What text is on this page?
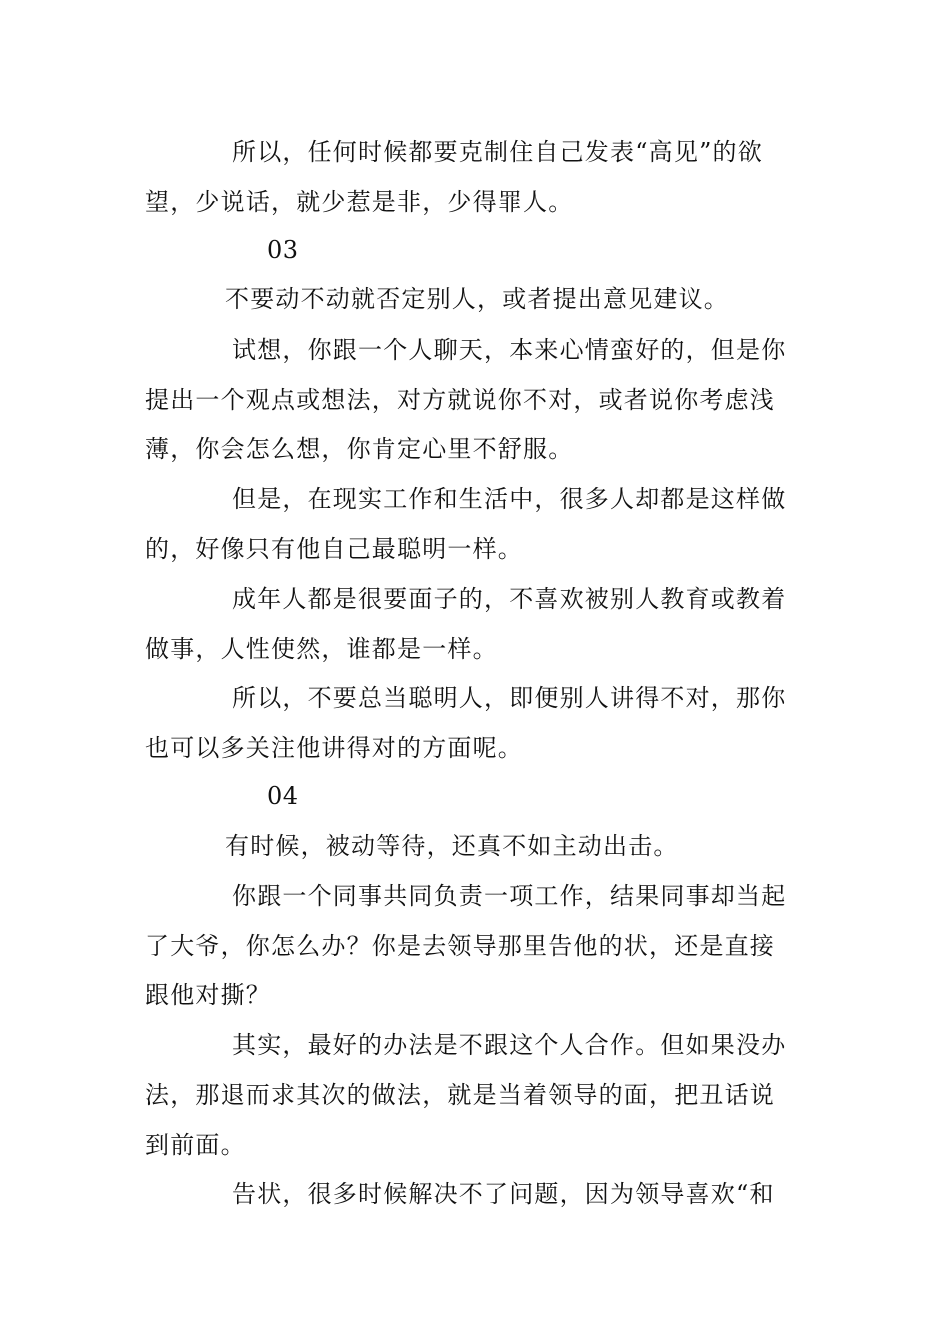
所以，任何时候都要克制住自己发表“高见”的欲
望，少说话，就少惹是非，少得罪人。
03
不要动不动就否定别人，或者提出意见建议。
试想，你跟一个人聊天，本来心情蛮好的，但是你
提出一个观点或想法，对方就说你不对，或者说你考虑浅
薄，你会怎么想，你肯定心里不舒服。
但是，在现实工作和生活中，很多人却都是这样做
的，好像只有他自己最聪明一样。
成年人都是很要面子的，不喜欢被别人教育或教着
做事，人性使然，谁都是一样。
所以，不要总当聪明人，即便别人讲得不对，那你
也可以多关注他讲得对的方面呢。
04
有时候，被动等待，还真不如主动出击。
你跟一个同事共同负责一项工作，结果同事却当起
了大爷，你怎么办？你是去领导那里告他的状，还是直接
跟他对撕？
其实，最好的办法是不跟这个人合作。但如果没办
法，那退而求其次的做法，就是当着领导的面，把丑话说
到前面。
告状，很多时候解决不了问题，因为领导喜欢“和
